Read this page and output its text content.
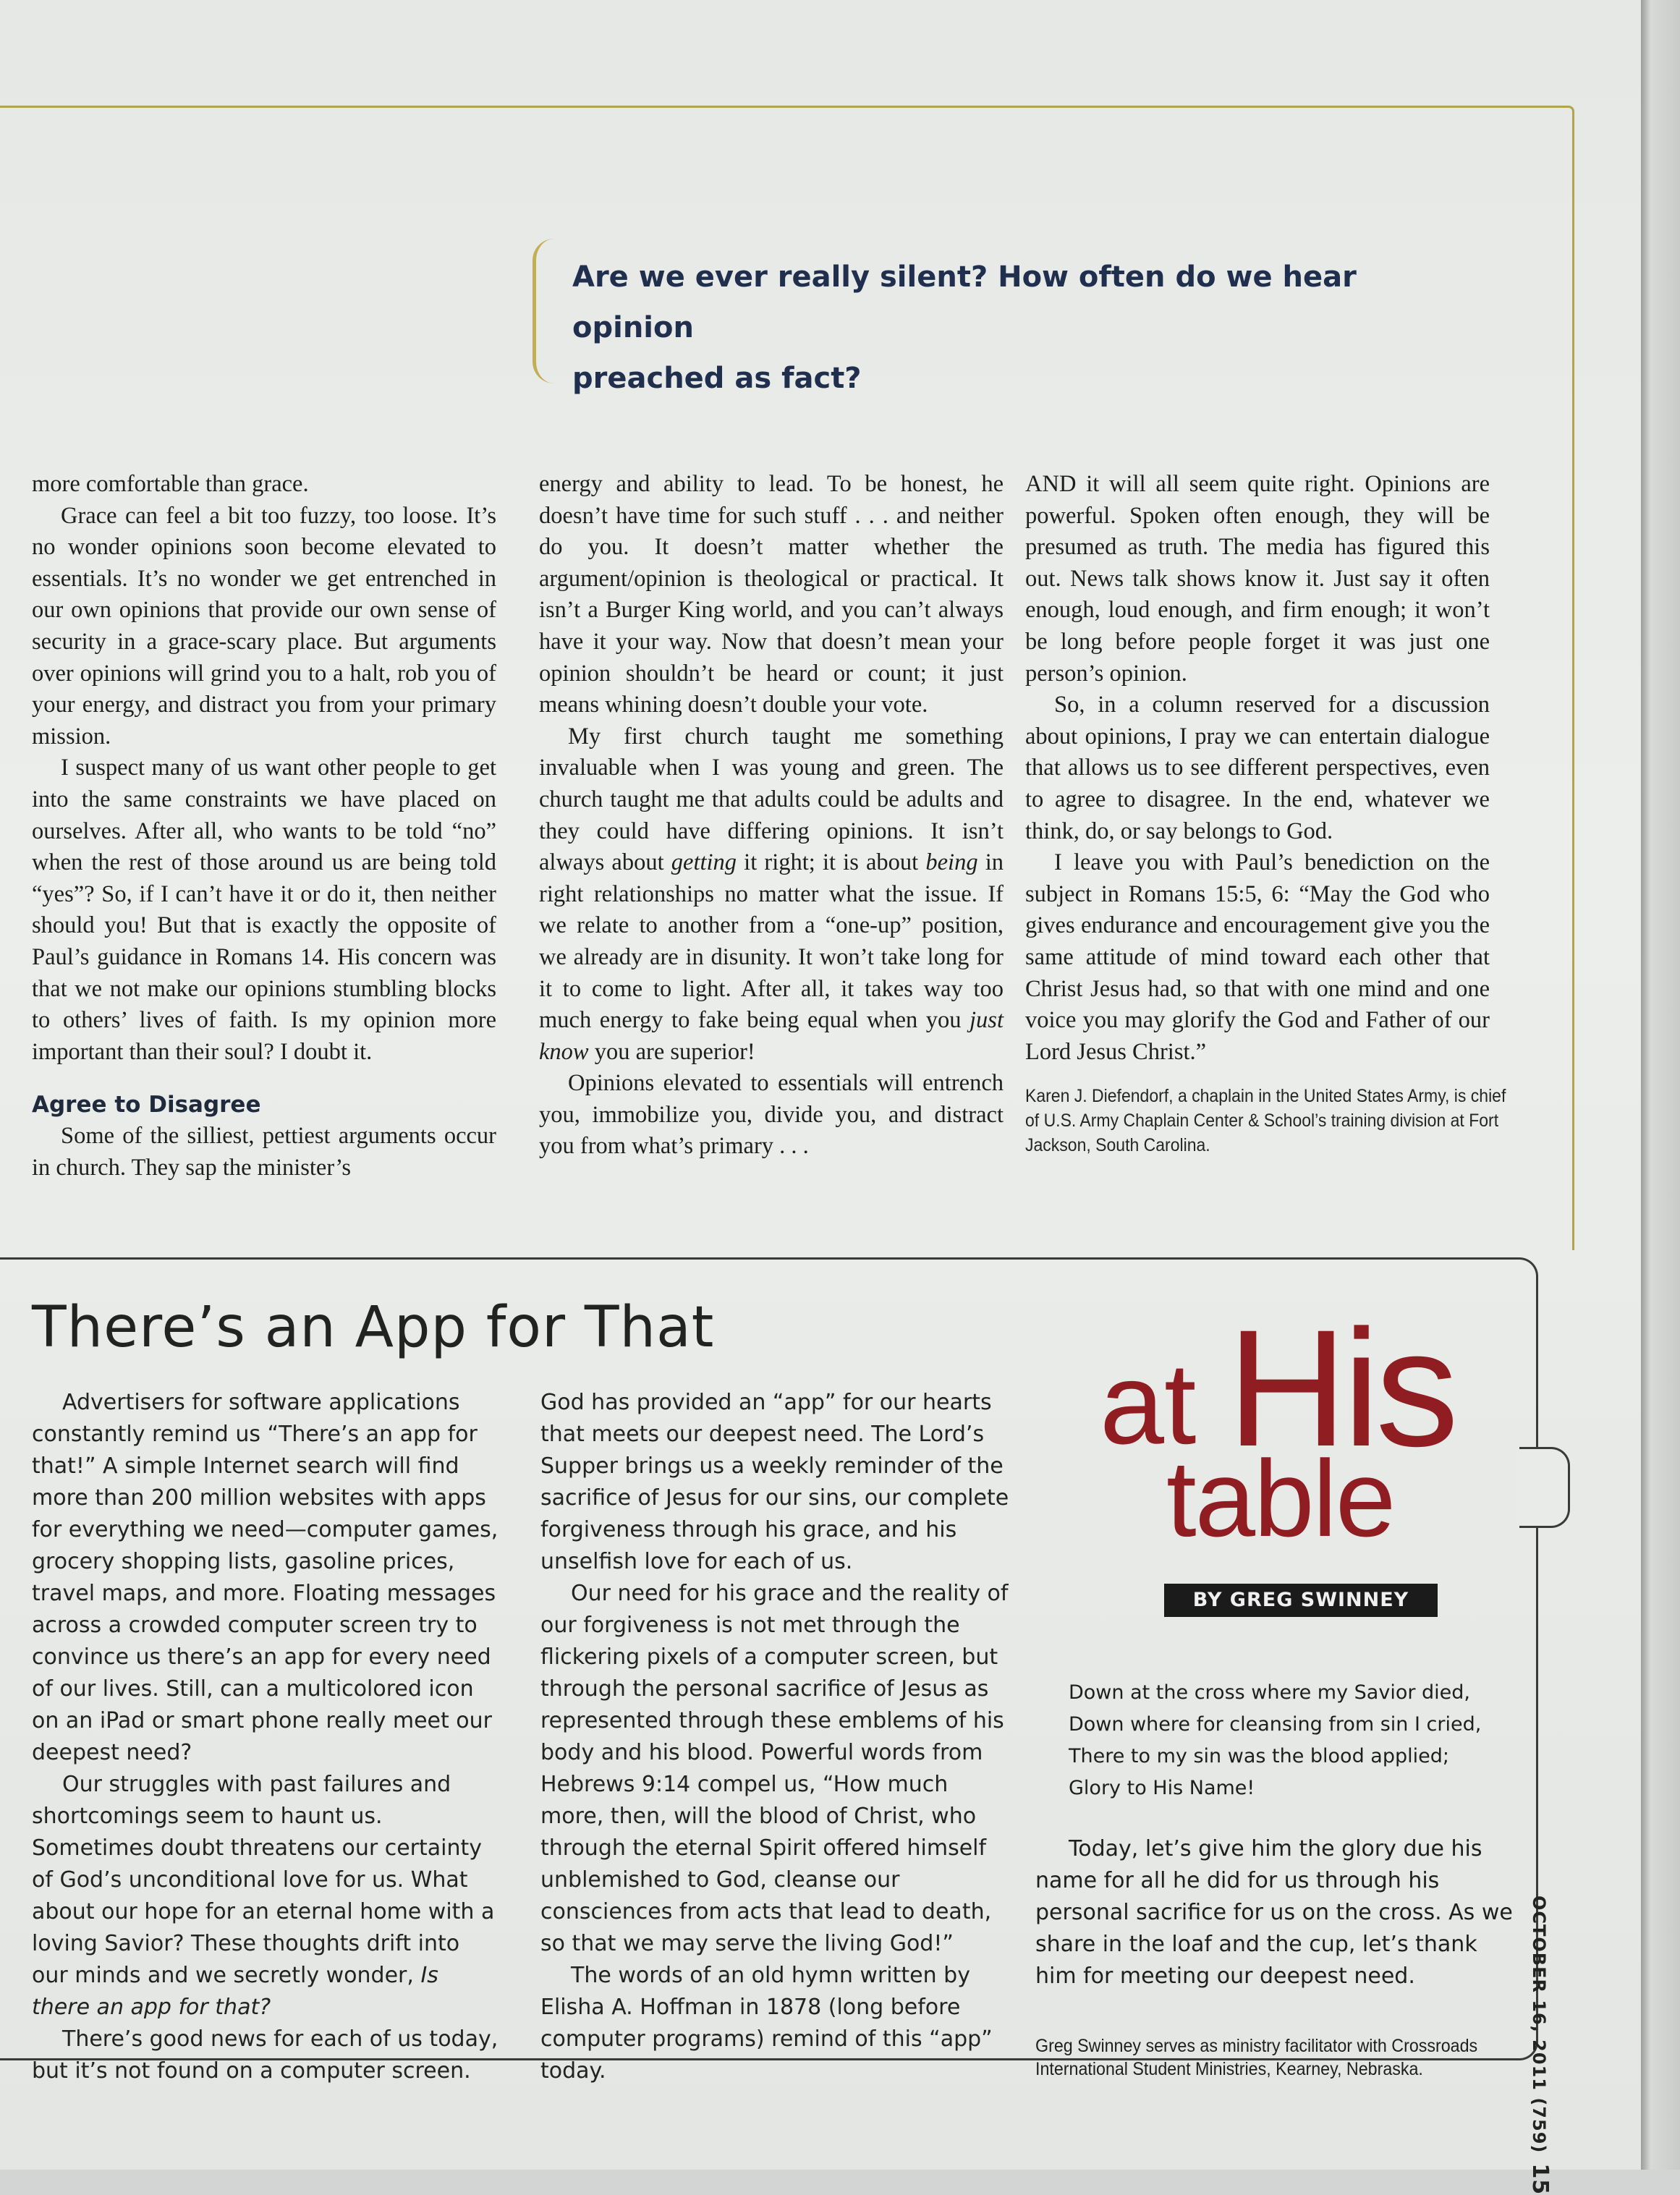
Are we ever really silent? How often do we hear opinion
preached as fact?

more comfortable than grace.

Grace can feel a bit too fuzzy, too loose. It’s no wonder opinions soon become elevated to essentials. It’s no wonder we get entrenched in our own opinions that provide our own sense of security in a grace-scary place. But arguments over opinions will grind you to a halt, rob you of your energy, and distract you from your primary mission.

I suspect many of us want other people to get into the same constraints we have placed on ourselves. After all, who wants to be told “no” when the rest of those around us are being told “yes”? So, if I can’t have it or do it, then neither should you! But that is exactly the opposite of Paul’s guidance in Romans 14. His concern was that we not make our opinions stumbling blocks to others’ lives of faith. Is my opinion more important than their soul? I doubt it.

Agree to Disagree

Some of the silliest, pettiest arguments occur in church. They sap the minister’s

energy and ability to lead. To be honest, he doesn’t have time for such stuff . . . and neither do you. It doesn’t matter whether the argument/opinion is theological or practical. It isn’t a Burger King world, and you can’t always have it your way. Now that doesn’t mean your opinion shouldn’t be heard or count; it just means whining doesn’t double your vote.

My first church taught me something invaluable when I was young and green. The church taught me that adults could be adults and they could have differing opinions. It isn’t always about getting it right; it is about being in right relationships no matter what the issue. If we relate to another from a “one-up” position, we already are in disunity. It won’t take long for it to come to light. After all, it takes way too much energy to fake being equal when you just know you are superior!

Opinions elevated to essentials will entrench you, immobilize you, divide you, and distract you from what’s primary . . .

AND it will all seem quite right. Opinions are powerful. Spoken often enough, they will be presumed as truth. The media has figured this out. News talk shows know it. Just say it often enough, loud enough, and firm enough; it won’t be long before people forget it was just one person’s opinion.

So, in a column reserved for a discussion about opinions, I pray we can entertain dialogue that allows us to see different perspectives, even to agree to disagree. In the end, whatever we think, do, or say belongs to God.

I leave you with Paul’s benediction on the subject in Romans 15:5, 6: “May the God who gives endurance and encouragement give you the same attitude of mind toward each other that Christ Jesus had, so that with one mind and one voice you may glorify the God and Father of our Lord Jesus Christ.”

Karen J. Diefendorf, a chaplain in the United States Army, is chief of U.S. Army Chaplain Center & School’s training division at Fort Jackson, South Carolina.

There’s an App for That

Advertisers for software applications constantly remind us “There’s an app for that!” A simple Internet search will find more than 200 million websites with apps for everything we need—computer games, grocery shopping lists, gasoline prices, travel maps, and more. Floating messages across a crowded computer screen try to convince us there’s an app for every need of our lives. Still, can a multicolored icon on an iPad or smart phone really meet our deepest need?

Our struggles with past failures and shortcomings seem to haunt us. Sometimes doubt threatens our certainty of God’s unconditional love for us. What about our hope for an eternal home with a loving Savior? These thoughts drift into our minds and we secretly wonder, Is there an app for that?

There’s good news for each of us today, but it’s not found on a computer screen.

God has provided an “app” for our hearts that meets our deepest need. The Lord’s Supper brings us a weekly reminder of the sacrifice of Jesus for our sins, our complete forgiveness through his grace, and his unselfish love for each of us.

Our need for his grace and the reality of our forgiveness is not met through the flickering pixels of a computer screen, but through the personal sacrifice of Jesus as represented through these emblems of his body and his blood. Powerful words from Hebrews 9:14 compel us, “How much more, then, will the blood of Christ, who through the eternal Spirit offered himself unblemished to God, cleanse our consciences from acts that lead to death, so that we may serve the living God!”

The words of an old hymn written by Elisha A. Hoffman in 1878 (long before computer programs) remind of this “app” today.

at His
table
BY GREG SWINNEY
Down at the cross where my Savior died,
Down where for cleansing from sin I cried,
There to my sin was the blood applied;
Glory to His Name!

Today, let’s give him the glory due his name for all he did for us through his personal sacrifice for us on the cross. As we share in the loaf and the cup, let’s thank him for meeting our deepest need.

Greg Swinney serves as ministry facilitator with Crossroads International Student Ministries, Kearney, Nebraska.	OCTOBER 16, 2011 (759)15
